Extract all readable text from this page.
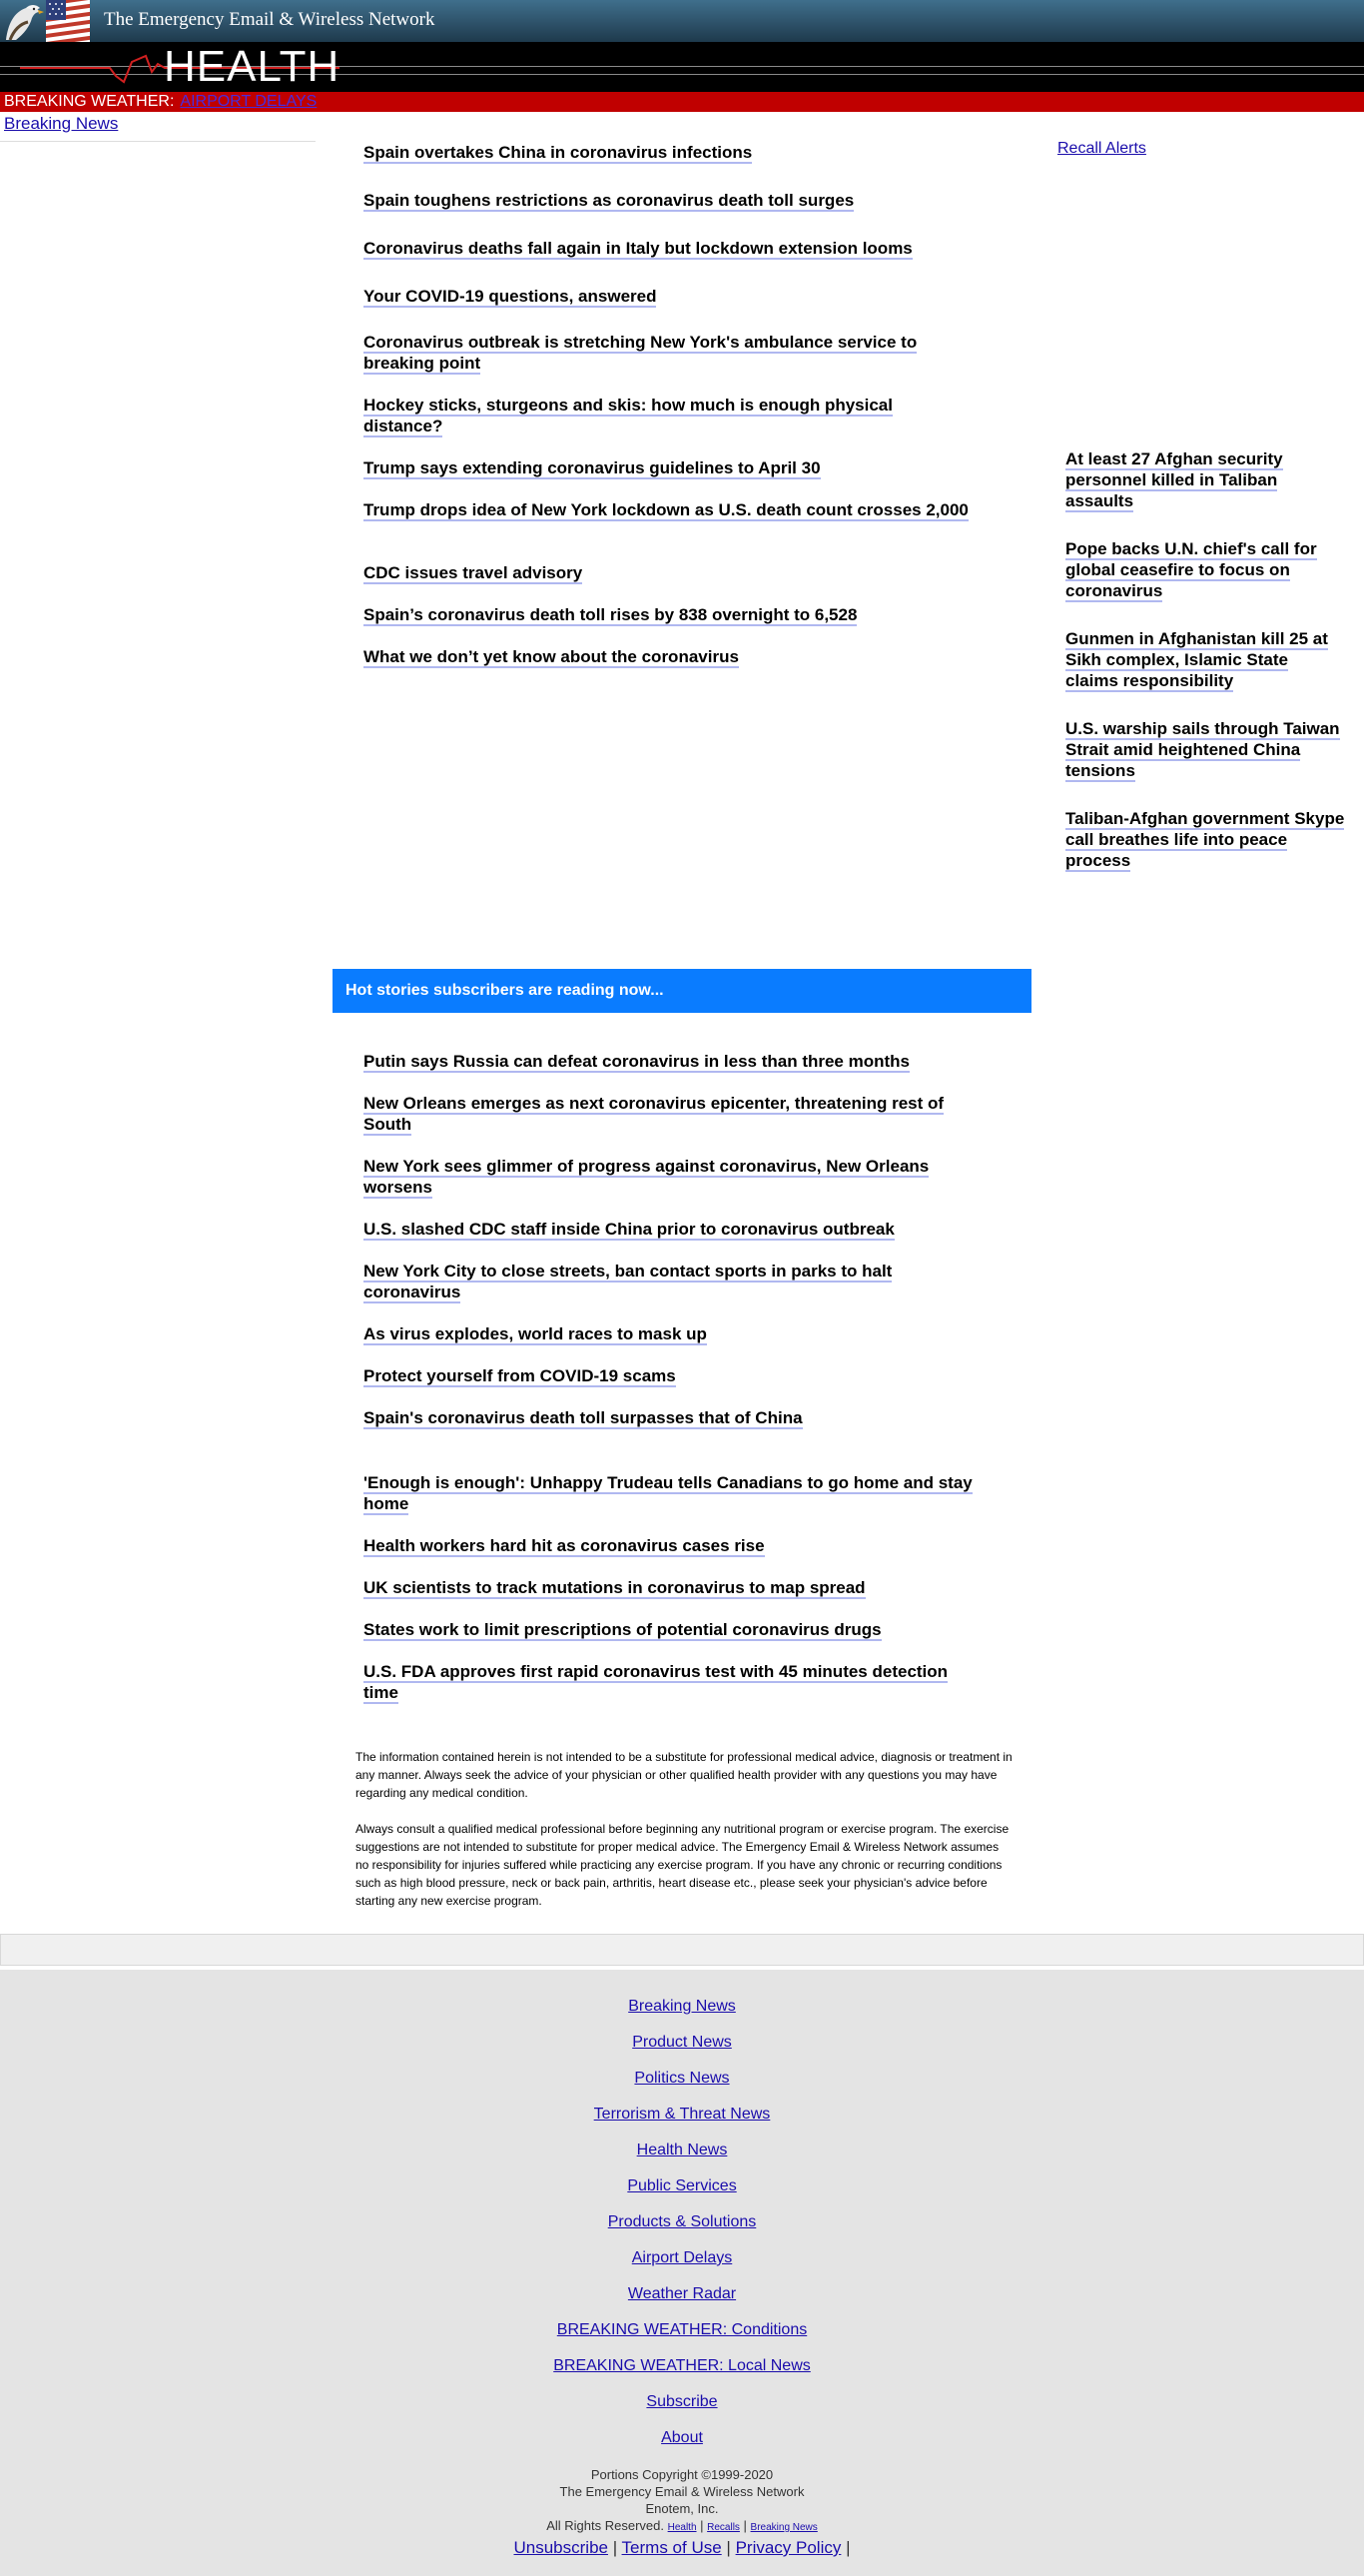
The Emergency Email & Wireless Network
HEALTH
BREAKING WEATHER: AIRPORT DELAYS
Breaking News
Spain overtakes China in coronavirus infections
Spain toughens restrictions as coronavirus death toll surges
Coronavirus deaths fall again in Italy but lockdown extension looms
Your COVID-19 questions, answered
Coronavirus outbreak is stretching New York's ambulance service to breaking point
Hockey sticks, sturgeons and skis: how much is enough physical distance?
Trump says extending coronavirus guidelines to April 30
Trump drops idea of New York lockdown as U.S. death count crosses 2,000
CDC issues travel advisory
Spain’s coronavirus death toll rises by 838 overnight to 6,528
What we don’t yet know about the coronavirus
Recall Alerts
At least 27 Afghan security personnel killed in Taliban assaults
Pope backs U.N. chief's call for global ceasefire to focus on coronavirus
Gunmen in Afghanistan kill 25 at Sikh complex, Islamic State claims responsibility
U.S. warship sails through Taiwan Strait amid heightened China tensions
Taliban-Afghan government Skype call breathes life into peace process
Hot stories subscribers are reading now...
Putin says Russia can defeat coronavirus in less than three months
New Orleans emerges as next coronavirus epicenter, threatening rest of South
New York sees glimmer of progress against coronavirus, New Orleans worsens
U.S. slashed CDC staff inside China prior to coronavirus outbreak
New York City to close streets, ban contact sports in parks to halt coronavirus
As virus explodes, world races to mask up
Protect yourself from COVID-19 scams
Spain's coronavirus death toll surpasses that of China
'Enough is enough': Unhappy Trudeau tells Canadians to go home and stay home
Health workers hard hit as coronavirus cases rise
UK scientists to track mutations in coronavirus to map spread
States work to limit prescriptions of potential coronavirus drugs
U.S. FDA approves first rapid coronavirus test with 45 minutes detection time

The information contained herein is not intended to be a substitute for professional medical advice, diagnosis or treatment in any manner. Always seek the advice of your physician or other qualified health provider with any questions you may have regarding any medical condition.

Always consult a qualified medical professional before beginning any nutritional program or exercise program. The exercise suggestions are not intended to substitute for proper medical advice. The Emergency Email & Wireless Network assumes no responsibility for injuries suffered while practicing any exercise program. If you have any chronic or recurring conditions such as high blood pressure, neck or back pain, arthritis, heart disease etc., please seek your physician's advice before starting any new exercise program.

Breaking News
Product News
Politics News
Terrorism & Threat News
Health News
Public Services
Products & Solutions
Airport Delays
Weather Radar
BREAKING WEATHER: Conditions
BREAKING WEATHER: Local News
Subscribe
About
Portions Copyright ©1999-2020
The Emergency Email & Wireless Network
Enotem, Inc.
All Rights Reserved. Health | Recalls | Breaking News
Unsubscribe | Terms of Use | Privacy Policy |
